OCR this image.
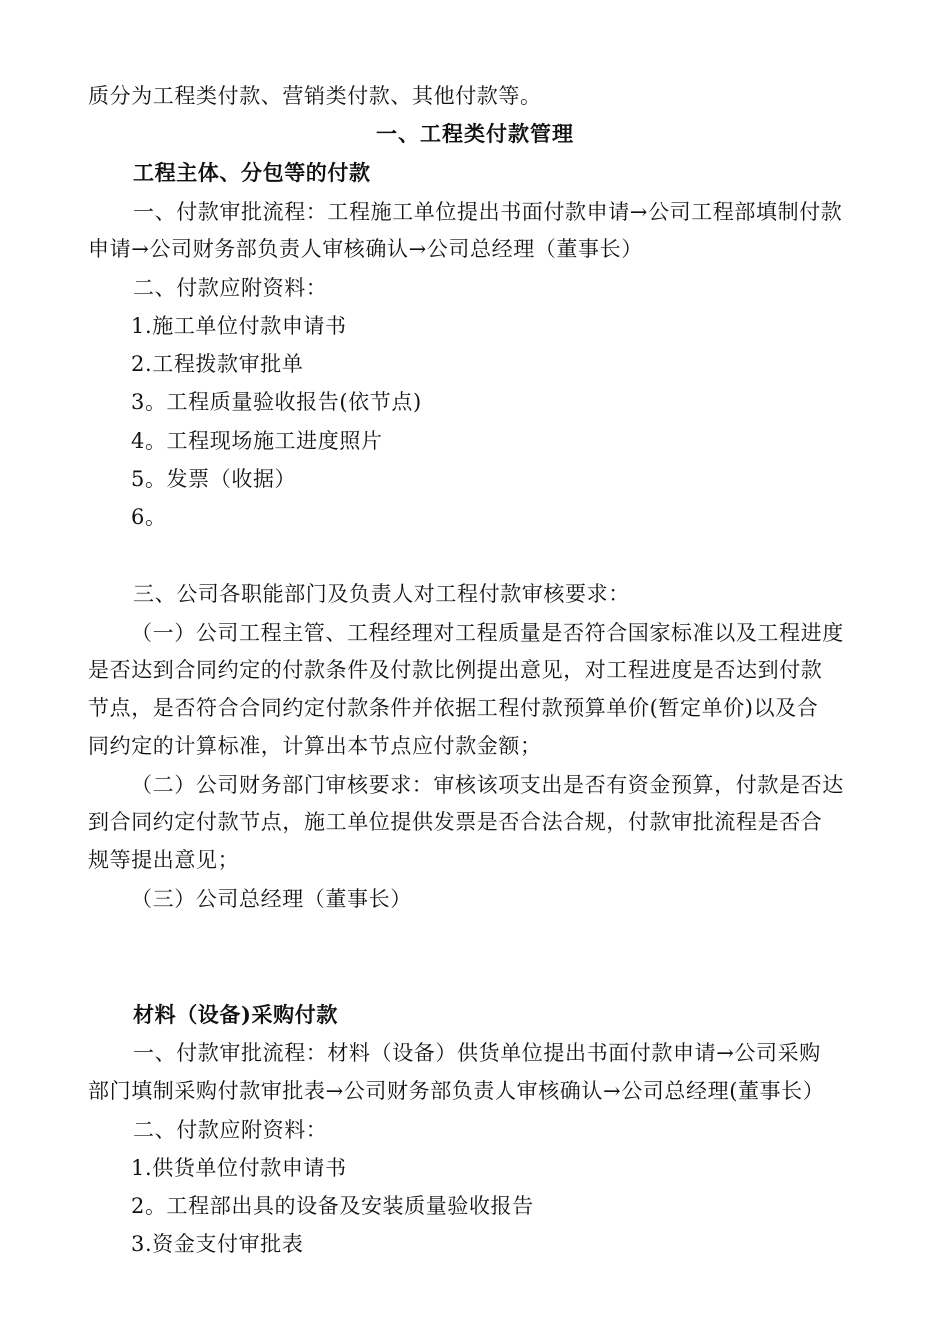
质分为工程类付款、营销类付款、其他付款等。
一、工程类付款管理
工程主体、分包等的付款
一、付款审批流程：工程施工单位提出书面付款申请→公司工程部填制付款
申请→公司财务部负责人审核确认→公司总经理（董事长）
二、付款应附资料：
1.施工单位付款申请书
2.工程拨款审批单
3。工程质量验收报告(依节点)
4。工程现场施工进度照片
5。发票（收据）
6。
三、公司各职能部门及负责人对工程付款审核要求：
（一）公司工程主管、工程经理对工程质量是否符合国家标准以及工程进度
是否达到合同约定的付款条件及付款比例提出意见，对工程进度是否达到付款
节点，是否符合合同约定付款条件并依据工程付款预算单价(暂定单价)以及合
同约定的计算标准，计算出本节点应付款金额；
（二）公司财务部门审核要求：审核该项支出是否有资金预算，付款是否达
到合同约定付款节点，施工单位提供发票是否合法合规，付款审批流程是否合
规等提出意见；
（三）公司总经理（董事长）
材料（设备)采购付款
一、付款审批流程：材料（设备）供货单位提出书面付款申请→公司采购
部门填制采购付款审批表→公司财务部负责人审核确认→公司总经理(董事长）
二、付款应附资料：
1.供货单位付款申请书
2。工程部出具的设备及安装质量验收报告
3.资金支付审批表
